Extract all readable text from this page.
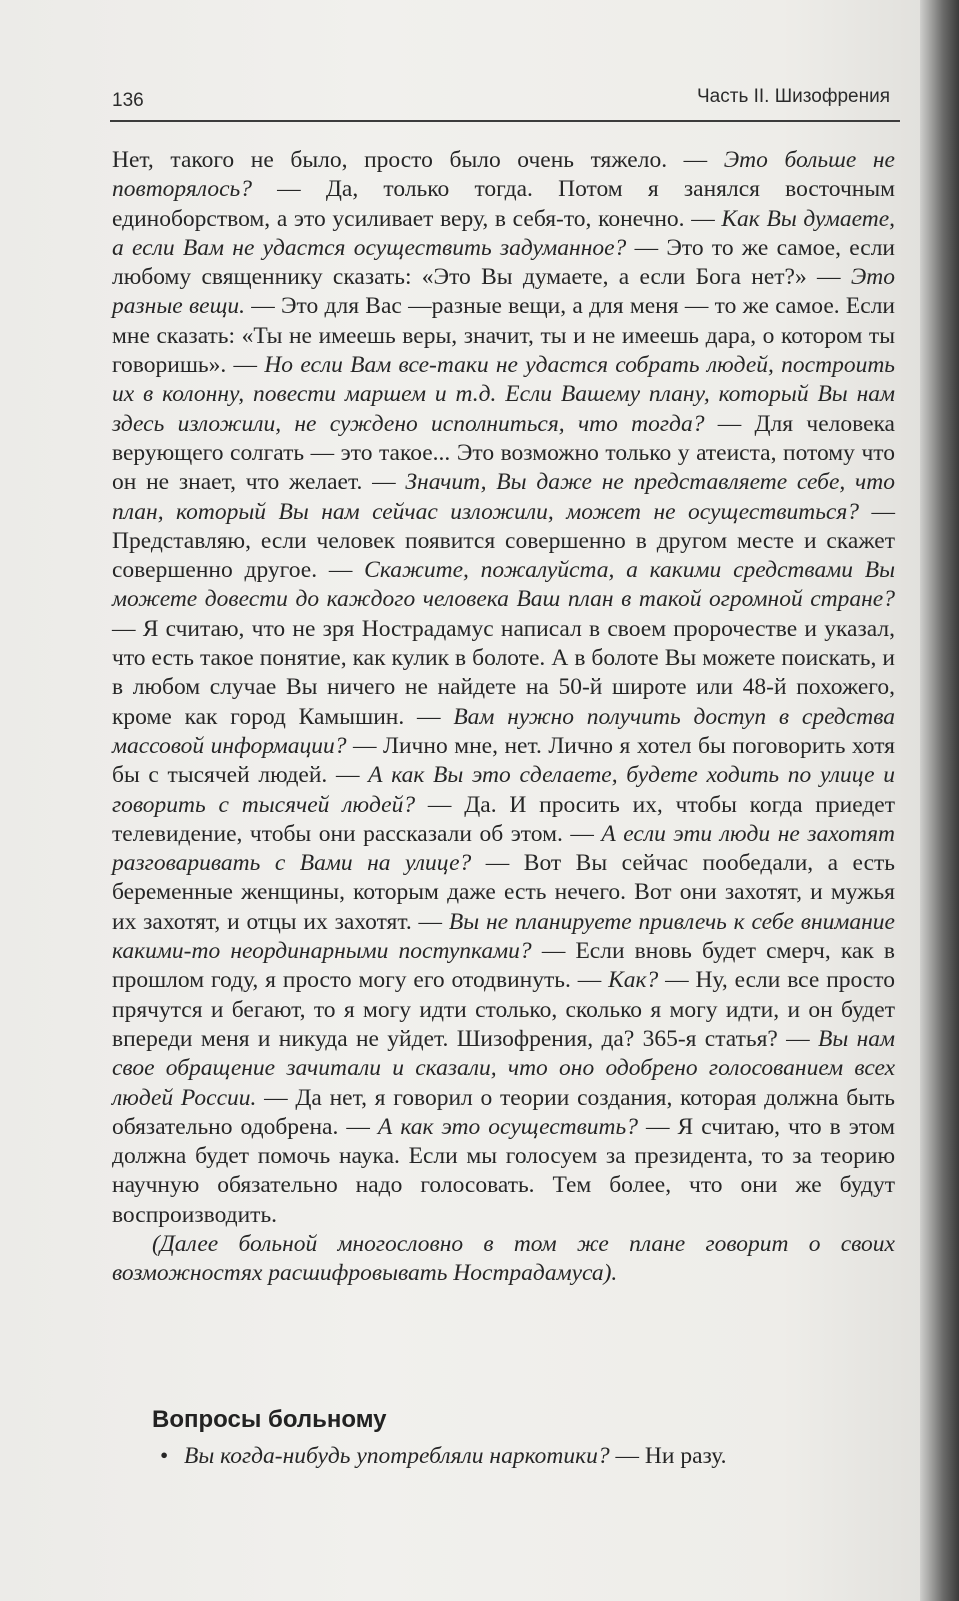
136	Часть II. Шизофрения

Нет, такого не было, просто было очень тяжело. — Это больше не повторялось? — Да, только тогда. Потом я занялся восточным единоборством, а это усиливает веру, в себя-то, конечно. — Как Вы думаете, а если Вам не удастся осуществить задуманное? — Это то же самое, если любому священнику сказать: «Это Вы думаете, а если Бога нет?» — Это разные вещи. — Это для Вас —разные вещи, а для меня — то же самое. Если мне сказать: «Ты не имеешь веры, значит, ты и не имеешь дара, о котором ты говоришь». — Но если Вам все-таки не удастся собрать людей, построить их в колонну, повести маршем и т.д. Если Вашему плану, который Вы нам здесь изложили, не суждено исполниться, что тогда? — Для человека верующего солгать — это такое... Это возможно только у атеиста, потому что он не знает, что желает. — Значит, Вы даже не представляете себе, что план, который Вы нам сейчас изложили, может не осуществиться? — Представляю, если человек появится совершенно в другом месте и скажет совершенно другое. — Скажите, пожалуйста, а какими средствами Вы можете довести до каждого человека Ваш план в такой огромной стране? — Я считаю, что не зря Нострадамус написал в своем пророчестве и указал, что есть такое понятие, как кулик в болоте. А в болоте Вы можете поискать, и в любом случае Вы ничего не найдете на 50-й широте или 48-й похожего, кроме как город Камышин. — Вам нужно получить доступ в средства массовой информации? — Лично мне, нет. Лично я хотел бы поговорить хотя бы с тысячей людей. — А как Вы это сделаете, будете ходить по улице и говорить с тысячей людей? — Да. И просить их, чтобы когда приедет телевидение, чтобы они рассказали об этом. — А если эти люди не захотят разговаривать с Вами на улице? — Вот Вы сейчас пообедали, а есть беременные женщины, которым даже есть нечего. Вот они захотят, и мужья их захотят, и отцы их захотят. — Вы не планируете привлечь к себе внимание какими-то неординарными поступками? — Если вновь будет смерч, как в прошлом году, я просто могу его отодвинуть. — Как? — Ну, если все просто прячутся и бегают, то я могу идти столько, сколько я могу идти, и он будет впереди меня и никуда не уйдет. Шизофрения, да? 365-я статья? — Вы нам свое обращение зачитали и сказали, что оно одобрено голосованием всех людей России. — Да нет, я говорил о теории создания, которая должна быть обязательно одобрена. — А как это осуществить? — Я считаю, что в этом должна будет помочь наука. Если мы голосуем за президента, то за теорию научную обязательно надо голосовать. Тем более, что они же будут воспроизводить.

(Далее больной многословно в том же плане говорит о своих возможностях расшифровывать Нострадамуса).

Вопросы больному
• Вы когда-нибудь употребляли наркотики? — Ни разу.
